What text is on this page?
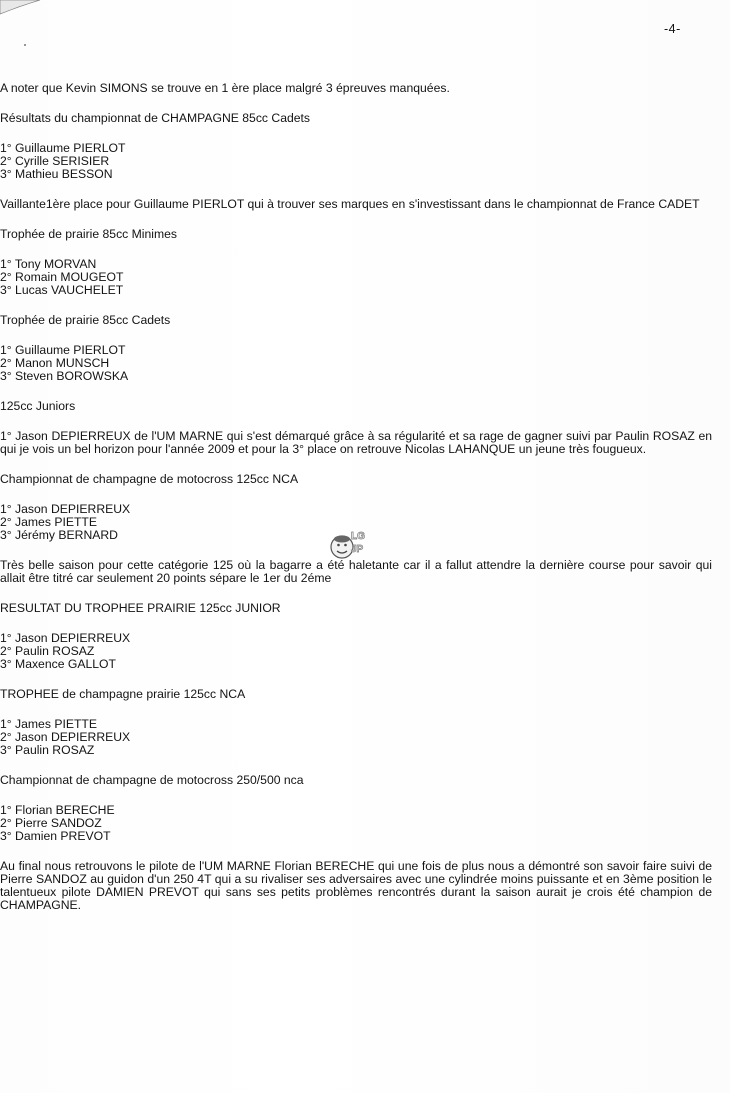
-4-
LG
JP

A noter que Kevin SIMONS se trouve en 1 ère place malgré 3 épreuves manquées.

Résultats du championnat de CHAMPAGNE 85cc Cadets

1° Guillaume PIERLOT

2° Cyrille SERISIER

3° Mathieu BESSON

Vaillante1ère place pour Guillaume PIERLOT qui à trouver ses marques en s'investissant dans le championnat de France CADET

Trophée de prairie 85cc Minimes

1° Tony MORVAN

2° Romain MOUGEOT

3° Lucas VAUCHELET

Trophée de prairie 85cc Cadets

1° Guillaume PIERLOT

2° Manon MUNSCH

3° Steven BOROWSKA

125cc Juniors

1° Jason DEPIERREUX de l'UM MARNE qui s'est démarqué grâce à sa régularité et sa rage de gagner suivi par Paulin ROSAZ en qui je vois un bel horizon pour l'année 2009 et pour la 3° place on retrouve Nicolas LAHANQUE un jeune très fougueux.

Championnat de champagne de motocross 125cc NCA

1° Jason DEPIERREUX

2° James PIETTE

3° Jérémy BERNARD

Très belle saison pour cette catégorie 125 où la bagarre a été haletante car il a fallut attendre la dernière course pour savoir qui allait être titré car seulement 20 points sépare le 1er du 2éme

RESULTAT DU TROPHEE PRAIRIE 125cc JUNIOR

1° Jason DEPIERREUX

2° Paulin ROSAZ

3° Maxence GALLOT

TROPHEE de champagne prairie 125cc NCA

1° James PIETTE

2° Jason DEPIERREUX

3° Paulin ROSAZ

Championnat de champagne de motocross 250/500 nca

1° Florian BERECHE

2° Pierre SANDOZ

3° Damien PREVOT

Au final nous retrouvons le pilote de l'UM MARNE Florian BERECHE qui une fois de plus nous a démontré son savoir faire suivi de Pierre SANDOZ au guidon d'un 250 4T qui a su rivaliser ses adversaires avec une cylindrée moins puissante et en 3ème position le talentueux pilote DAMIEN PREVOT qui sans ses petits problèmes rencontrés durant la saison aurait je crois été champion de CHAMPAGNE.
